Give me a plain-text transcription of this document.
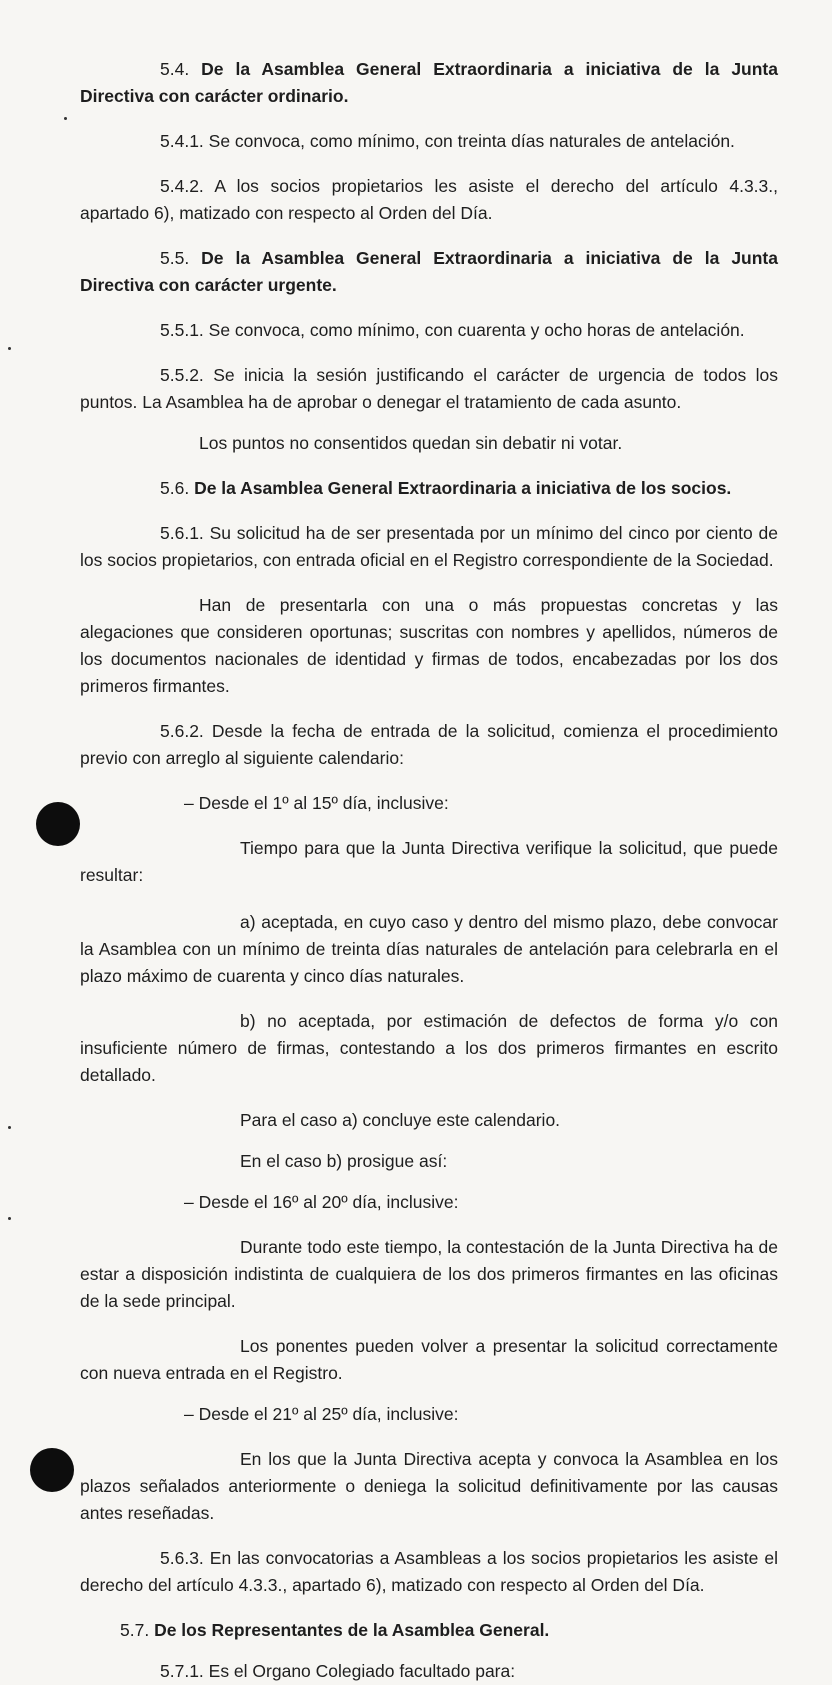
5.4. De la Asamblea General Extraordinaria a iniciativa de la Junta Directiva con carácter ordinario.

5.4.1. Se convoca, como mínimo, con treinta días naturales de antelación.

5.4.2. A los socios propietarios les asiste el derecho del artículo 4.3.3., apartado 6), matizado con respecto al Orden del Día.

5.5. De la Asamblea General Extraordinaria a iniciativa de la Junta Directiva con carácter urgente.

5.5.1. Se convoca, como mínimo, con cuarenta y ocho horas de antelación.

5.5.2. Se inicia la sesión justificando el carácter de urgencia de todos los puntos. La Asamblea ha de aprobar o denegar el tratamiento de cada asunto.

Los puntos no consentidos quedan sin debatir ni votar.

5.6. De la Asamblea General Extraordinaria a iniciativa de los socios.

5.6.1. Su solicitud ha de ser presentada por un mínimo del cinco por ciento de los socios propietarios, con entrada oficial en el Registro correspondiente de la Sociedad.

Han de presentarla con una o más propuestas concretas y las alegaciones que consideren oportunas; suscritas con nombres y apellidos, números de los documentos nacionales de identidad y firmas de todos, encabezadas por los dos primeros firmantes.

5.6.2. Desde la fecha de entrada de la solicitud, comienza el procedimiento previo con arreglo al siguiente calendario:

– Desde el 1º al 15º día, inclusive:

Tiempo para que la Junta Directiva verifique la solicitud, que puede resultar:

a) aceptada, en cuyo caso y dentro del mismo plazo, debe convocar la Asamblea con un mínimo de treinta días naturales de antelación para celebrarla en el plazo máximo de cuarenta y cinco días naturales.

b) no aceptada, por estimación de defectos de forma y/o con insuficiente número de firmas, contestando a los dos primeros firmantes en escrito detallado.

Para el caso a) concluye este calendario.

En el caso b) prosigue así:

– Desde el 16º al 20º día, inclusive:

Durante todo este tiempo, la contestación de la Junta Directiva ha de estar a disposición indistinta de cualquiera de los dos primeros firmantes en las oficinas de la sede principal.

Los ponentes pueden volver a presentar la solicitud correctamente con nueva entrada en el Registro.

– Desde el 21º al 25º día, inclusive:

En los que la Junta Directiva acepta y convoca la Asamblea en los plazos señalados anteriormente o deniega la solicitud definitivamente por las causas antes reseñadas.

5.6.3. En las convocatorias a Asambleas a los socios propietarios les asiste el derecho del artículo 4.3.3., apartado 6), matizado con respecto al Orden del Día.

5.7. De los Representantes de la Asamblea General.

5.7.1. Es el Organo Colegiado facultado para:
